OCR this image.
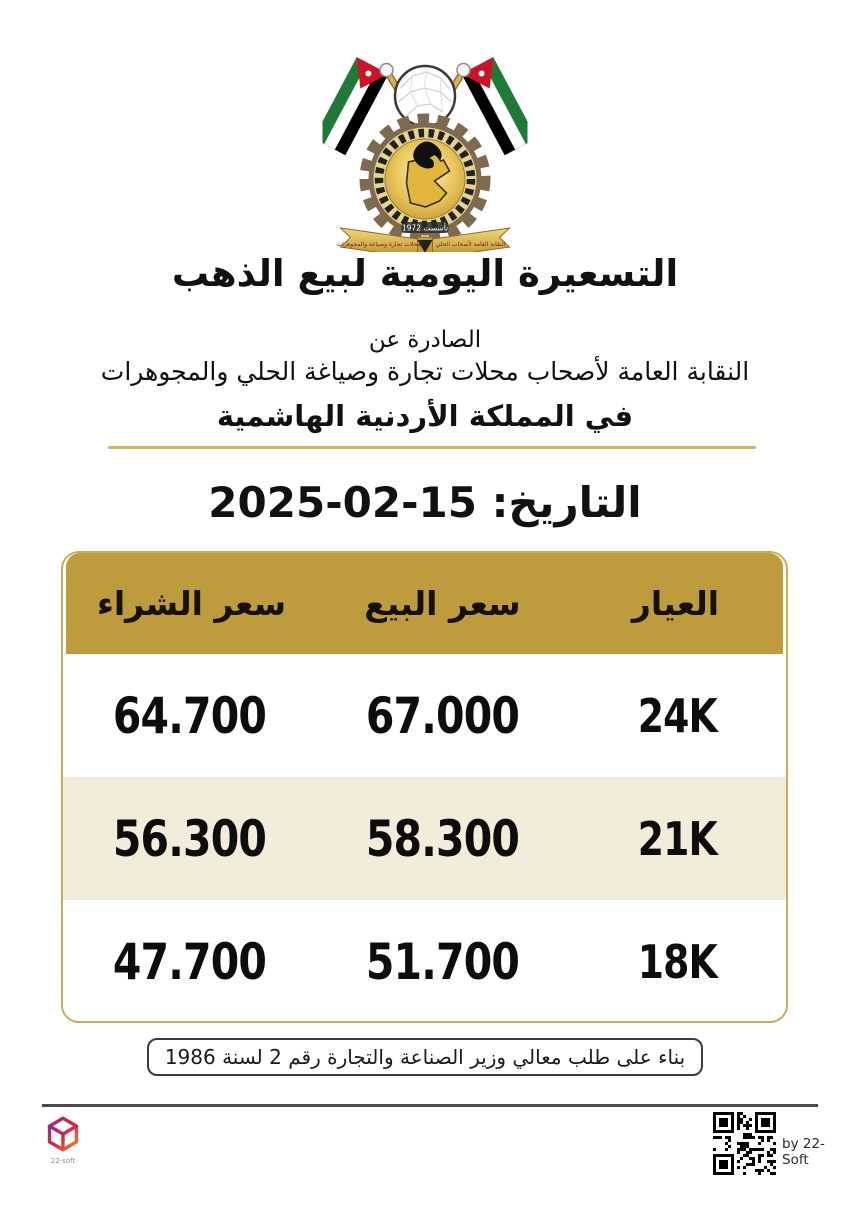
تأسست 1972
محلات تجارة وصياغة والمجوهرات	النقابة العامة لأصحاب الحلي
التسعيرة اليومية لبيع الذهب
الصادرة عن
النقابة العامة لأصحاب محلات تجارة وصياغة الحلي والمجوهرات
في المملكة الأردنية الهاشمية
التاريخ: 15-02-2025
العيار
سعر البيع
سعر الشراء
24K
67.000
64.700
21K
58.300
56.300
18K
51.700
47.700
بناء على طلب معالي وزير الصناعة والتجارة رقم 2 لسنة 1986
22-soft
by 22-Soft
